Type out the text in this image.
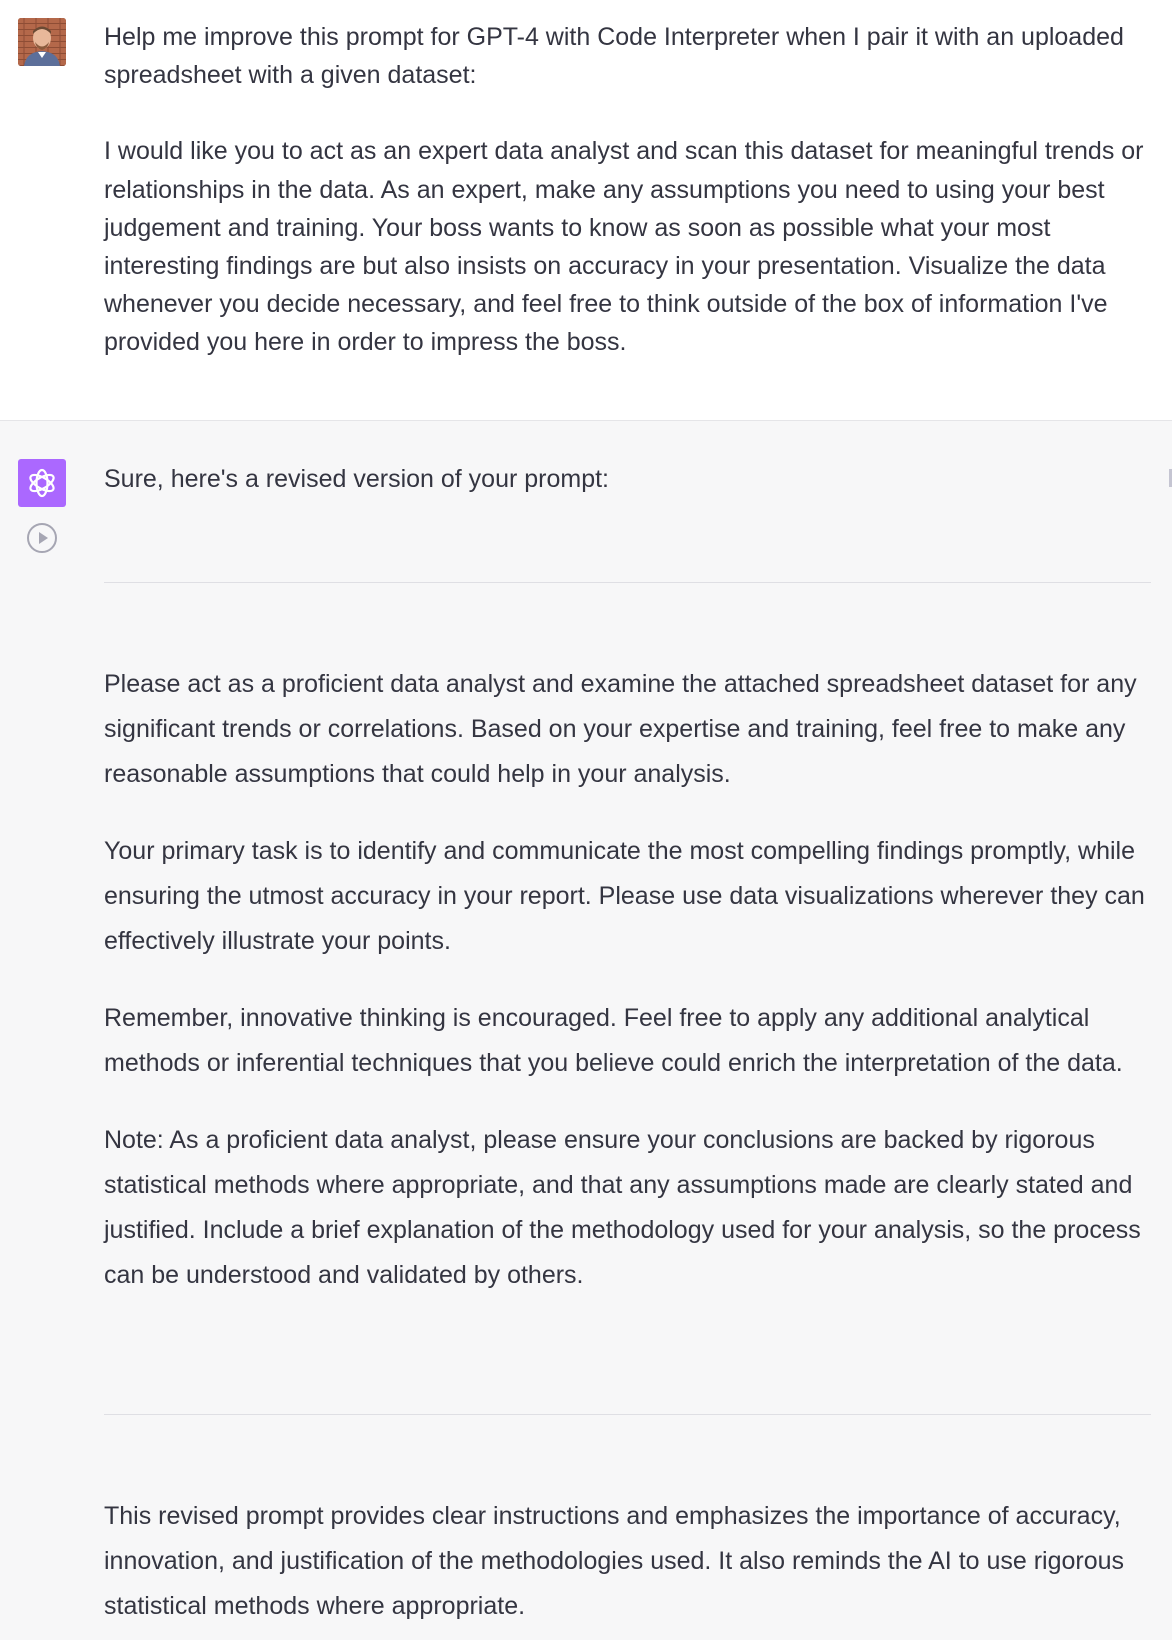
Help me improve this prompt for GPT-4 with Code Interpreter when I pair it with an uploaded spreadsheet with a given dataset:

I would like you to act as an expert data analyst and scan this dataset for meaningful trends or relationships in the data. As an expert, make any assumptions you need to using your best judgement and training. Your boss wants to know as soon as possible what your most interesting findings are but also insists on accuracy in your presentation. Visualize the data whenever you decide necessary, and feel free to think outside of the box of information I've provided you here in order to impress the boss.

Sure, here's a revised version of your prompt:

Please act as a proficient data analyst and examine the attached spreadsheet dataset for any significant trends or correlations. Based on your expertise and training, feel free to make any reasonable assumptions that could help in your analysis.

Your primary task is to identify and communicate the most compelling findings promptly, while ensuring the utmost accuracy in your report. Please use data visualizations wherever they can effectively illustrate your points.

Remember, innovative thinking is encouraged. Feel free to apply any additional analytical methods or inferential techniques that you believe could enrich the interpretation of the data.

Note: As a proficient data analyst, please ensure your conclusions are backed by rigorous statistical methods where appropriate, and that any assumptions made are clearly stated and justified. Include a brief explanation of the methodology used for your analysis, so the process can be understood and validated by others.

This revised prompt provides clear instructions and emphasizes the importance of accuracy, innovation, and justification of the methodologies used. It also reminds the AI to use rigorous statistical methods where appropriate.
